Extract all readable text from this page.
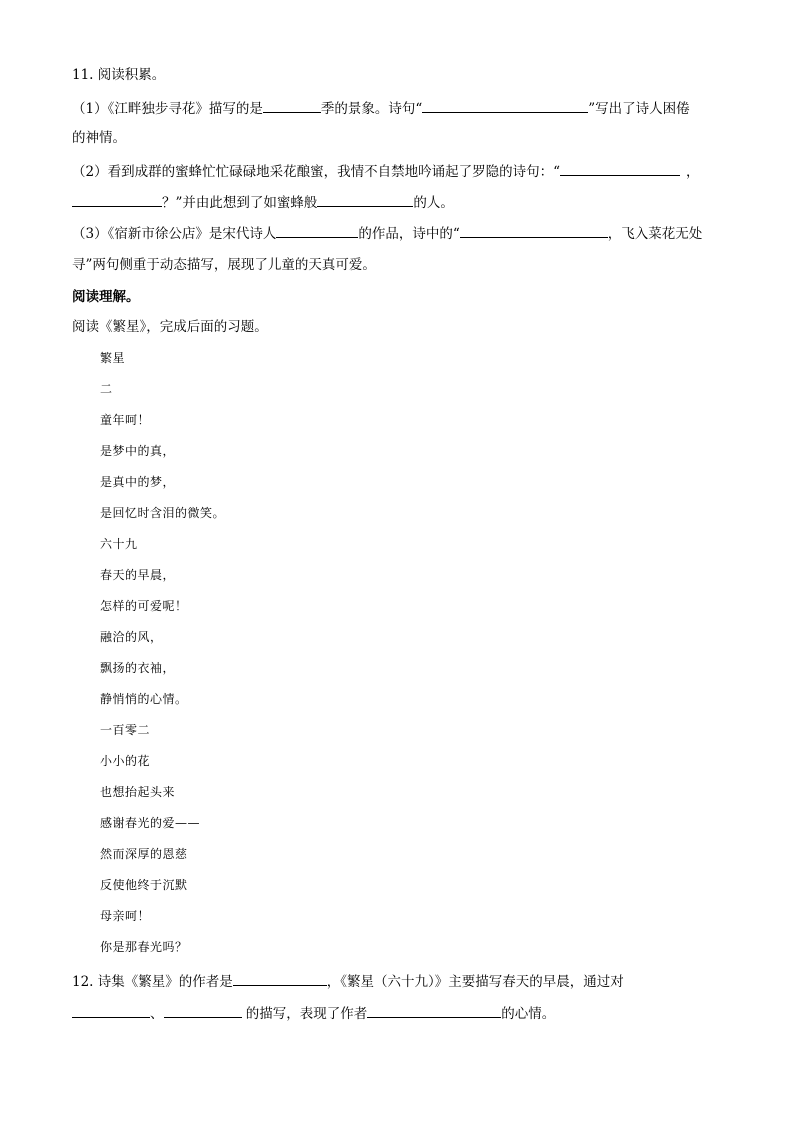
11. 阅读积累。
（1）《江畔独步寻花》描写的是	季的景象。诗句“	”写出了诗人困倦
的神情。
（2）看到成群的蜜蜂忙忙碌碌地采花酿蜜，我情不自禁地吟诵起了罗隐的诗句：“	，
？”并由此想到了如蜜蜂般	的人。
（3）《宿新市徐公店》是宋代诗人	的作品，诗中的“	，飞入菜花无处
寻”两句侧重于动态描写，展现了儿童的天真可爱。
阅读理解。
阅读《繁星》，完成后面的习题。
繁星
二
童年呵！
是梦中的真，
是真中的梦，
是回忆时含泪的微笑。
六十九
春天的早晨，
怎样的可爱呢！
融洽的风，
飘扬的衣袖，
静悄悄的心情。
一百零二
小小的花
也想抬起头来
感谢春光的爱——
然而深厚的恩慈
反使他终于沉默
母亲呵！
你是那春光吗？
12. 诗集《繁星》的作者是	，《繁星（六十九）》主要描写春天的早晨，通过对
、	的描写，表现了作者	的心情。
